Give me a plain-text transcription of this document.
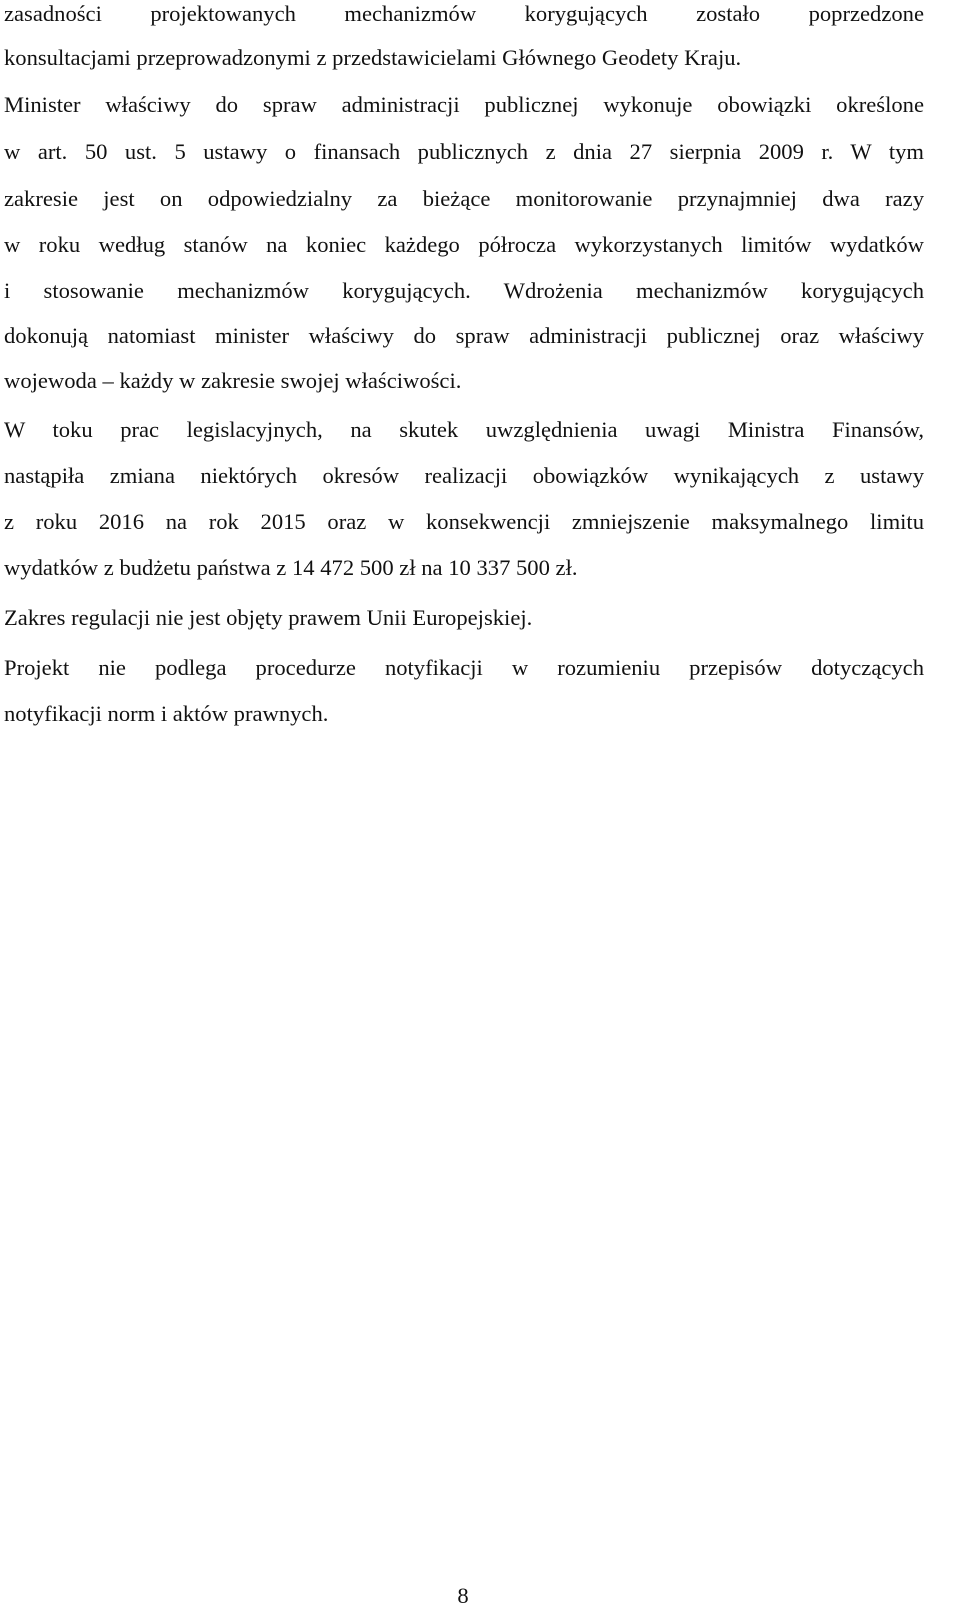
zasadności projektowanych mechanizmów korygujących zostało poprzedzone
konsultacjami przeprowadzonymi z przedstawicielami Głównego Geodety Kraju.
Minister właściwy do spraw administracji publicznej wykonuje obowiązki określone
w art. 50 ust. 5 ustawy o finansach publicznych z dnia 27 sierpnia 2009 r. W tym
zakresie jest on odpowiedzialny za bieżące monitorowanie przynajmniej dwa razy
w roku według stanów na koniec każdego półrocza wykorzystanych limitów wydatków
i stosowanie mechanizmów korygujących. Wdrożenia mechanizmów korygujących
dokonują natomiast minister właściwy do spraw administracji publicznej oraz właściwy
wojewoda – każdy w zakresie swojej właściwości.
W toku prac legislacyjnych, na skutek uwzględnienia uwagi Ministra Finansów,
nastąpiła zmiana niektórych okresów realizacji obowiązków wynikających z ustawy
z roku 2016 na rok 2015 oraz w konsekwencji zmniejszenie maksymalnego limitu
wydatków z budżetu państwa z 14 472 500 zł na 10 337 500 zł.
Zakres regulacji nie jest objęty prawem Unii Europejskiej.
Projekt nie podlega procedurze notyfikacji w rozumieniu przepisów dotyczących
notyfikacji norm i aktów prawnych.
8
